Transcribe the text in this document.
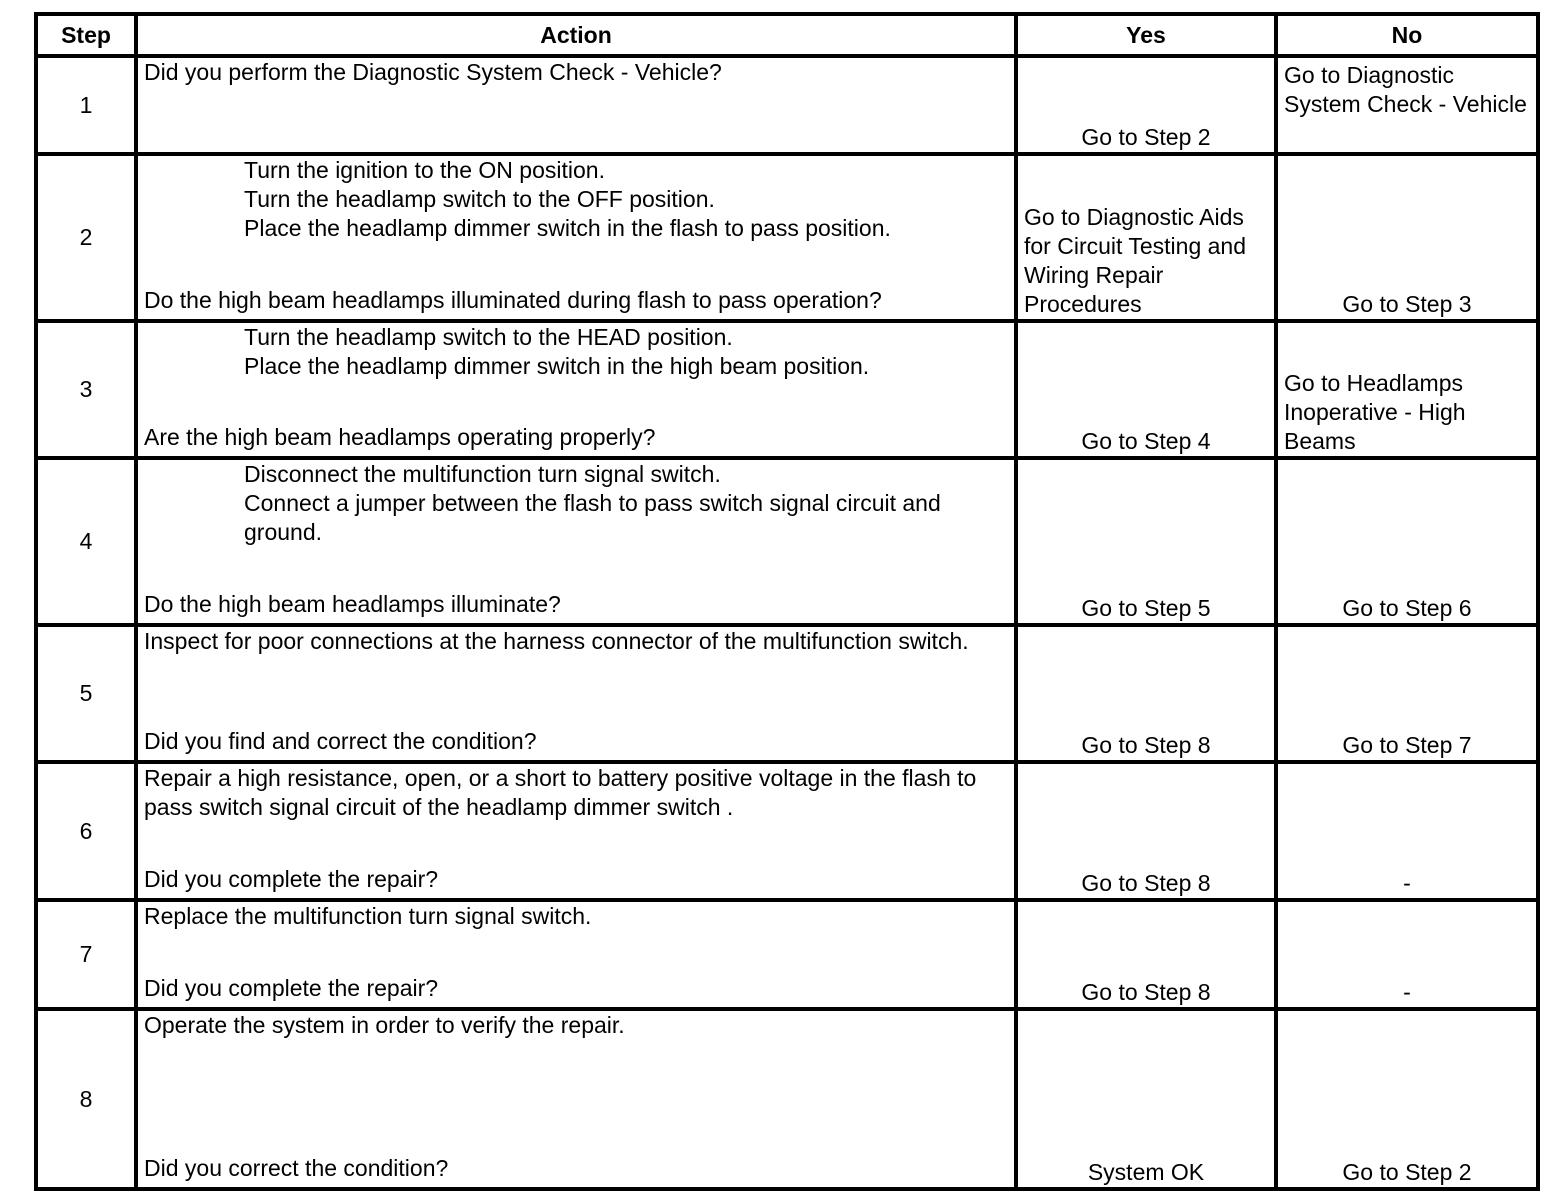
Step	Action	Yes	No
1	Did you perform the Diagnostic System Check - Vehicle?	Go to Step 2	Go to Diagnostic System Check - Vehicle
2	Turn the ignition to the ON position.
Turn the headlamp switch to the OFF position.
Place the headlamp dimmer switch in the flash to pass position.
Do the high beam headlamps illuminated during flash to pass operation?	Go to Diagnostic Aids for Circuit Testing and Wiring Repair Procedures	Go to Step 3
3	Turn the headlamp switch to the HEAD position.
Place the headlamp dimmer switch in the high beam position.
Are the high beam headlamps operating properly?	Go to Step 4	Go to Headlamps Inoperative - High Beams
4	Disconnect the multifunction turn signal switch.
Connect a jumper between the flash to pass switch signal circuit and ground.
Do the high beam headlamps illuminate?	Go to Step 5	Go to Step 6
5	Inspect for poor connections at the harness connector of the multifunction switch.
Did you find and correct the condition?	Go to Step 8	Go to Step 7
6	Repair a high resistance, open, or a short to battery positive voltage in the flash to pass switch signal circuit of the headlamp dimmer switch .
Did you complete the repair?	Go to Step 8	-
7	Replace the multifunction turn signal switch.
Did you complete the repair?	Go to Step 8	-
8	Operate the system in order to verify the repair.
Did you correct the condition?	System OK	Go to Step 2
